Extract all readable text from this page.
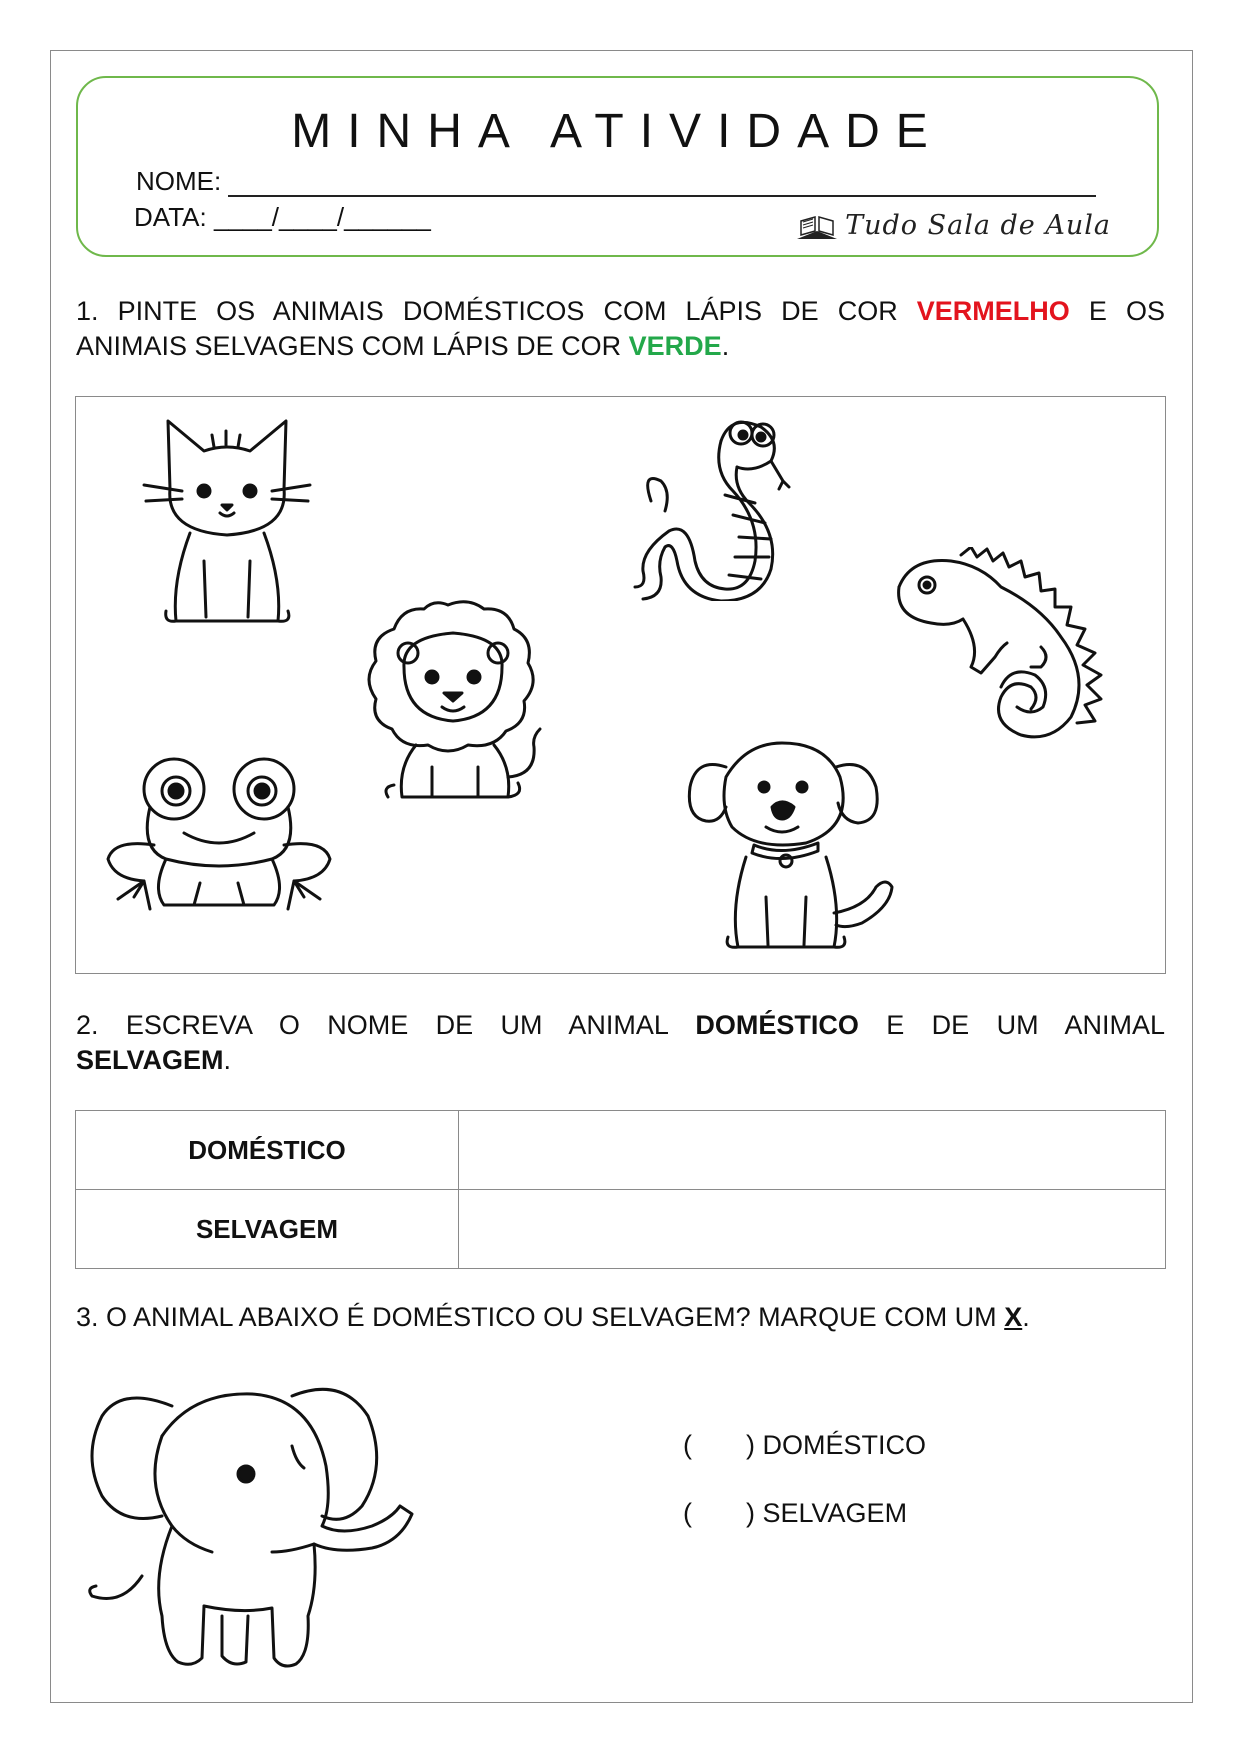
MINHA ATIVIDADE
NOME:
DATA: ____/____/______	Tudo Sala de Aula
1. PINTE OS ANIMAIS DOMÉSTICOS COM LÁPIS DE COR VERMELHO E OS
ANIMAIS SELVAGENS COM LÁPIS DE COR VERDE.
2. ESCREVA O NOME DE UM ANIMAL DOMÉSTICO E DE UM ANIMAL
SELVAGEM.
DOMÉSTICO	
SELVAGEM	
3. O ANIMAL ABAIXO É DOMÉSTICO OU SELVAGEM? MARQUE COM UM X.
( ) DOMÉSTICO
( ) SELVAGEM
